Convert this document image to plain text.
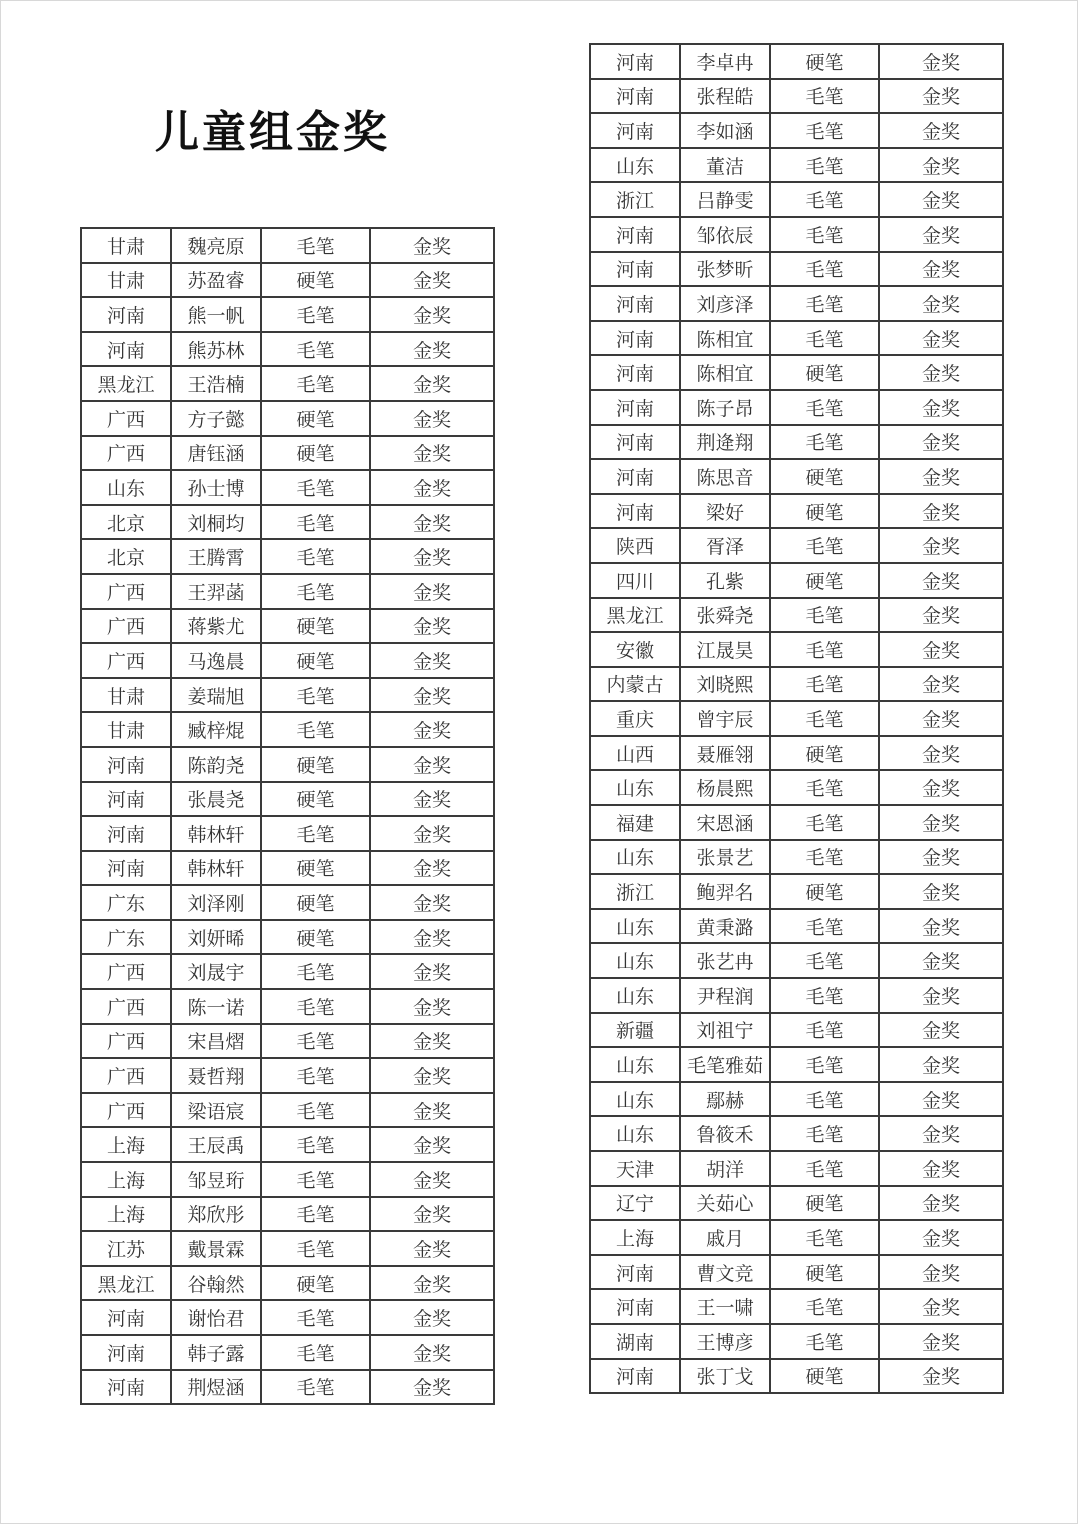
儿童组金奖
甘肃	魏亮原	毛笔	金奖
甘肃	苏盈睿	硬笔	金奖
河南	熊一帆	毛笔	金奖
河南	熊苏林	毛笔	金奖
黑龙江	王浩楠	毛笔	金奖
广西	方子懿	硬笔	金奖
广西	唐钰涵	硬笔	金奖
山东	孙士博	毛笔	金奖
北京	刘桐均	毛笔	金奖
北京	王腾霄	毛笔	金奖
广西	王羿菡	毛笔	金奖
广西	蒋紫尤	硬笔	金奖
广西	马逸晨	硬笔	金奖
甘肃	姜瑞旭	毛笔	金奖
甘肃	臧梓焜	毛笔	金奖
河南	陈韵尧	硬笔	金奖
河南	张晨尧	硬笔	金奖
河南	韩林轩	毛笔	金奖
河南	韩林轩	硬笔	金奖
广东	刘泽刚	硬笔	金奖
广东	刘妍晞	硬笔	金奖
广西	刘晟宇	毛笔	金奖
广西	陈一诺	毛笔	金奖
广西	宋昌熠	毛笔	金奖
广西	聂哲翔	毛笔	金奖
广西	梁语宸	毛笔	金奖
上海	王辰禹	毛笔	金奖
上海	邹昱珩	毛笔	金奖
上海	郑欣彤	毛笔	金奖
江苏	戴景霖	毛笔	金奖
黑龙江	谷翰然	硬笔	金奖
河南	谢怡君	毛笔	金奖
河南	韩子露	毛笔	金奖
河南	荆煜涵	毛笔	金奖
河南	李卓冉	硬笔	金奖
河南	张程皓	毛笔	金奖
河南	李如涵	毛笔	金奖
山东	董洁	毛笔	金奖
浙江	吕静雯	毛笔	金奖
河南	邹依辰	毛笔	金奖
河南	张梦昕	毛笔	金奖
河南	刘彦泽	毛笔	金奖
河南	陈相宜	毛笔	金奖
河南	陈相宜	硬笔	金奖
河南	陈子昂	毛笔	金奖
河南	荆逄翔	毛笔	金奖
河南	陈思音	硬笔	金奖
河南	梁好	硬笔	金奖
陕西	胥泽	毛笔	金奖
四川	孔紫	硬笔	金奖
黑龙江	张舜尧	毛笔	金奖
安徽	江晟昊	毛笔	金奖
内蒙古	刘晓熙	毛笔	金奖
重庆	曾宇辰	毛笔	金奖
山西	聂雁翎	硬笔	金奖
山东	杨晨熙	毛笔	金奖
福建	宋恩涵	毛笔	金奖
山东	张景艺	毛笔	金奖
浙江	鲍羿名	硬笔	金奖
山东	黄秉潞	毛笔	金奖
山东	张艺冉	毛笔	金奖
山东	尹程润	毛笔	金奖
新疆	刘祖宁	毛笔	金奖
山东	毛笔雅茹	毛笔	金奖
山东	鄢赫	毛笔	金奖
山东	鲁筱禾	毛笔	金奖
天津	胡洋	毛笔	金奖
辽宁	关茹心	硬笔	金奖
上海	戚月	毛笔	金奖
河南	曹文竞	硬笔	金奖
河南	王一啸	毛笔	金奖
湖南	王博彦	毛笔	金奖
河南	张丁戈	硬笔	金奖
